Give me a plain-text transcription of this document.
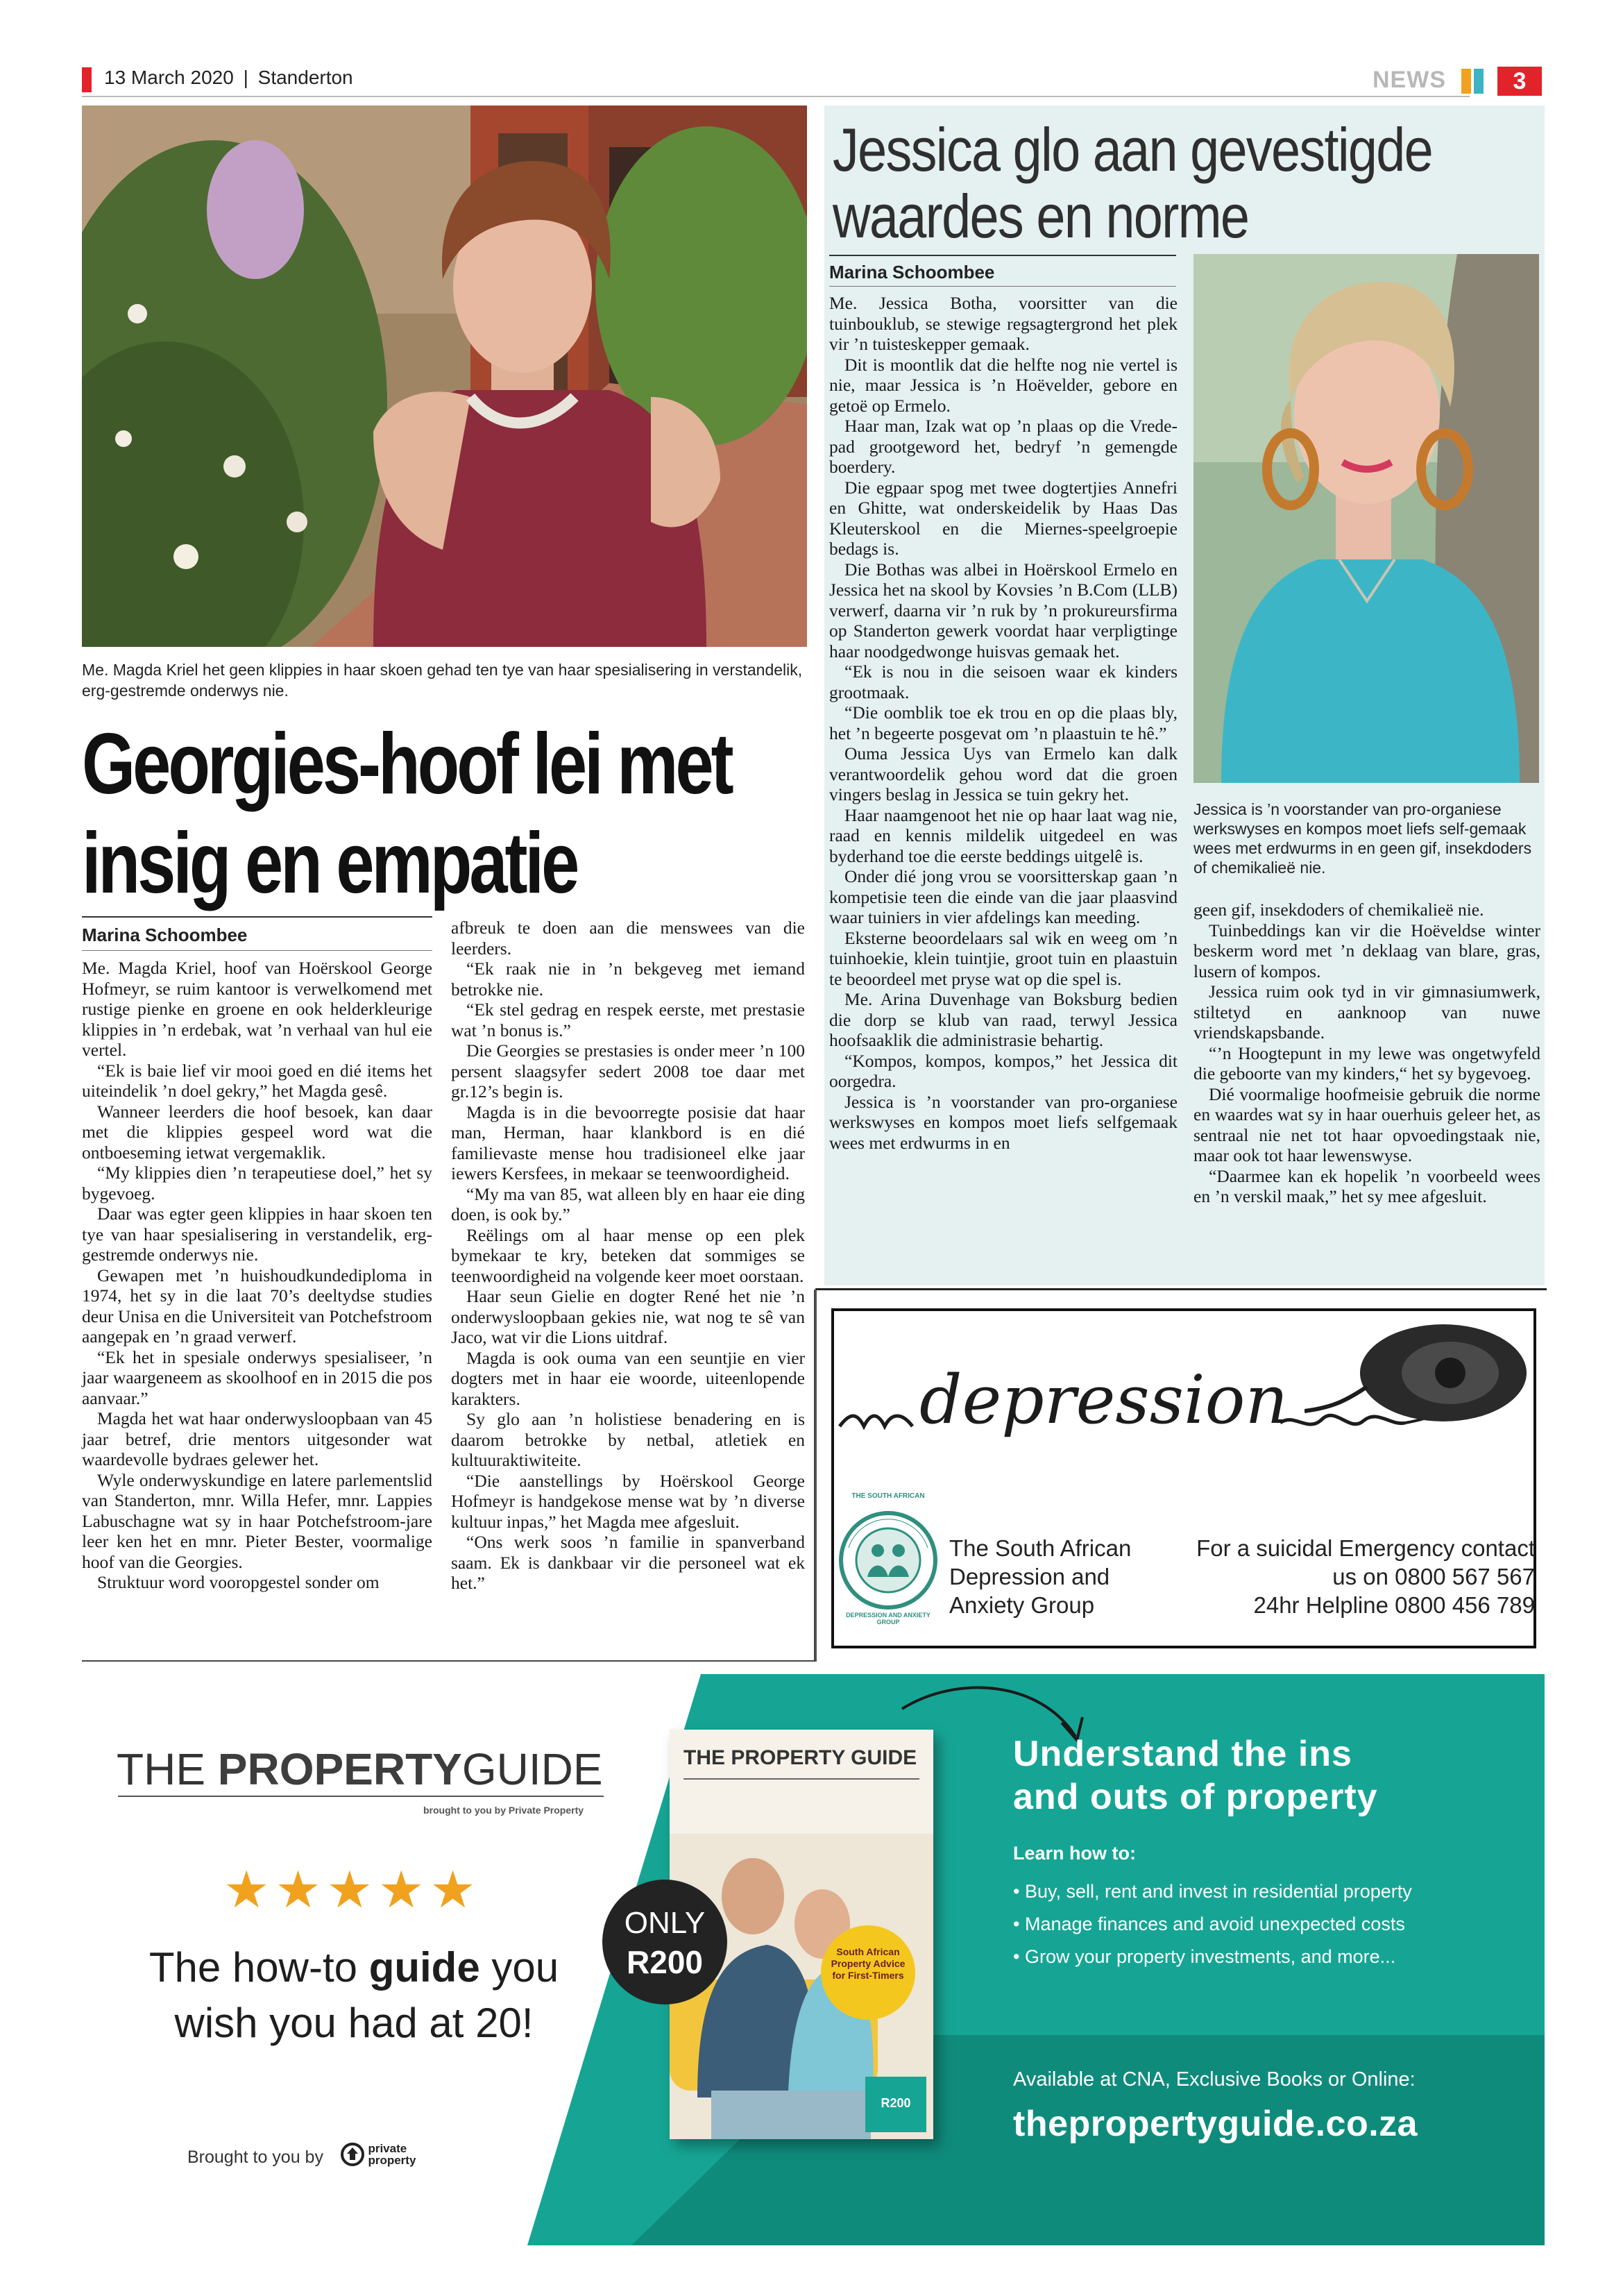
13 March 2020 | Standerton	NEWS	3
Me. Magda Kriel het geen klippies in haar skoen gehad ten tye van haar spesialisering in verstandelik, erg-gestremde onderwys nie.
Georgies-hoof lei met
insig en empatie
Marina Schoombee

Me. Magda Kriel, hoof van Hoërskool George Hofmeyr, se ruim kantoor is verwelkomend met rustige pienke en groene en ook helderkleurige klippies in ’n erdebak, wat ’n verhaal van hul eie vertel.

“Ek is baie lief vir mooi goed en dié items het uiteindelik ’n doel gekry,” het Magda gesê.

Wanneer leerders die hoof besoek, kan daar met die klippies gespeel word wat die ontboeseming ietwat vergemaklik.

“My klippies dien ’n terapeutiese doel,” het sy bygevoeg.

Daar was egter geen klippies in haar skoen ten tye van haar spesialisering in verstandelik, erg-gestremde onderwys nie.

Gewapen met ’n huishoudkundediploma in 1974, het sy in die laat 70’s deeltydse studies deur Unisa en die Universiteit van Potchefstroom aangepak en ’n graad verwerf.

“Ek het in spesiale onderwys spesialiseer, ’n jaar waargeneem as skoolhoof en in 2015 die pos aanvaar.”

Magda het wat haar onderwysloopbaan van 45 jaar betref, drie mentors uitgesonder wat waardevolle bydraes gelewer het.

Wyle onderwyskundige en latere parlementslid van Standerton, mnr. Willa Hefer, mnr. Lappies Labuschagne wat sy in haar Potchefstroom-jare leer ken het en mnr. Pieter Bester, voormalige hoof van die Georgies.

Struktuur word vooropgestel sonder om

afbreuk te doen aan die menswees van die leerders.

“Ek raak nie in ’n bekgeveg met iemand betrokke nie.

“Ek stel gedrag en respek eerste, met prestasie wat ’n bonus is.”

Die Georgies se prestasies is onder meer ’n 100 persent slaagsyfer sedert 2008 toe daar met gr.12’s begin is.

Magda is in die bevoorregte posisie dat haar man, Herman, haar klankbord is en dié familievaste mense hou tradisioneel elke jaar iewers Kersfees, in mekaar se teenwoordigheid.

“My ma van 85, wat alleen bly en haar eie ding doen, is ook by.”

Reëlings om al haar mense op een plek bymekaar te kry, beteken dat sommiges se teenwoordigheid na volgende keer moet oorstaan.

Haar seun Gielie en dogter René het nie ’n onderwysloopbaan gekies nie, wat nog te sê van Jaco, wat vir die Lions uitdraf.

Magda is ook ouma van een seuntjie en vier dogters met in haar eie woorde, uiteenlopende karakters.

Sy glo aan ’n holistiese benadering en is daarom betrokke by netbal, atletiek en kultuuraktiwiteite.

“Die aanstellings by Hoërskool George Hofmeyr is handgekose mense wat by ’n diverse kultuur inpas,” het Magda mee afgesluit.

“Ons werk soos ’n familie in spanverband saam. Ek is dankbaar vir die personeel wat ek het.”

Jessica glo aan gevestigde
waardes en norme
Marina Schoombee

Me. Jessica Botha, voorsitter van die tuinbouklub, se stewige regsagtergrond het plek vir ’n tuisteskepper gemaak.

Dit is moontlik dat die helfte nog nie vertel is nie, maar Jessica is ’n Hoëvelder, gebore en getoë op Ermelo.

Haar man, Izak wat op ’n plaas op die Vrede-pad grootgeword het, bedryf ’n gemengde boerdery.

Die egpaar spog met twee dogtertjies Annefri en Ghitte, wat onderskeidelik by Haas Das Kleuterskool en die Miernes-speelgroepie bedags is.

Die Bothas was albei in Hoërskool Ermelo en Jessica het na skool by Kovsies ’n B.Com (LLB) verwerf, daarna vir ’n ruk by ’n prokureursfirma op Standerton gewerk voordat haar verpligtinge haar noodgedwonge huisvas gemaak het.

“Ek is nou in die seisoen waar ek kinders grootmaak.

“Die oomblik toe ek trou en op die plaas bly, het ’n begeerte posgevat om ’n plaastuin te hê.”

Ouma Jessica Uys van Ermelo kan dalk verantwoordelik gehou word dat die groen vingers beslag in Jessica se tuin gekry het.

Haar naamgenoot het nie op haar laat wag nie, raad en kennis mildelik uitgedeel en was byderhand toe die eerste beddings uitgelê is.

Onder dié jong vrou se voorsitterskap gaan ’n kompetisie teen die einde van die jaar plaasvind waar tuiniers in vier afdelings kan meeding.

Eksterne beoordelaars sal wik en weeg om ’n tuinhoekie, klein tuintjie, groot tuin en plaastuin te beoordeel met pryse wat op die spel is.

Me. Arina Duvenhage van Boksburg bedien die dorp se klub van raad, terwyl Jessica hoofsaaklik die administrasie behartig.

“Kompos, kompos, kompos,” het Jessica dit oorgedra.

Jessica is ’n voorstander van pro-organiese werkswyses en kompos moet liefs selfgemaak wees met erdwurms in en

Jessica is ’n voorstander van pro-organiese werkswyses en kompos moet liefs self-gemaak wees met erdwurms in en geen gif, insekdoders of chemikalieë nie.

geen gif, insekdoders of chemikalieë nie.

Tuinbeddings kan vir die Hoëveldse winter beskerm word met ’n deklaag van blare, gras, lusern of kompos.

Jessica ruim ook tyd in vir gimnasiumwerk, stiltetyd en aanknoop van nuwe vriendskapsbande.

“’n Hoogtepunt in my lewe was ongetwyfeld die geboorte van my kinders,“ het sy bygevoeg.

Dié voormalige hoofmeisie gebruik die norme en waardes wat sy in haar ouerhuis geleer het, as sentraal nie net tot haar opvoedingstaak nie, maar ook tot haar lewenswyse.

“Daarmee kan ek hopelik ’n voorbeeld wees en ’n verskil maak,” het sy mee afgesluit.

depression
THE SOUTH AFRICAN
DEPRESSION AND ANXIETY GROUP
The South African
Depression and
Anxiety Group
For a suicidal Emergency contact
us on 0800 567 567
24hr Helpline 0800 456 789
THE PROPERTYGUIDE
brought to you by Private Property
★★★★★
The how-to guide you
wish you had at 20!
Brought to you by	private
property
THE PROPERTY GUIDE
South African Property Advice for First-Timers
R200
ONLY
R200
Understand the ins
and outs of property
Learn how to:
• Buy, sell, rent and invest in residential property
• Manage finances and avoid unexpected costs
• Grow your property investments, and more...
Available at CNA, Exclusive Books or Online:
thepropertyguide.co.za
